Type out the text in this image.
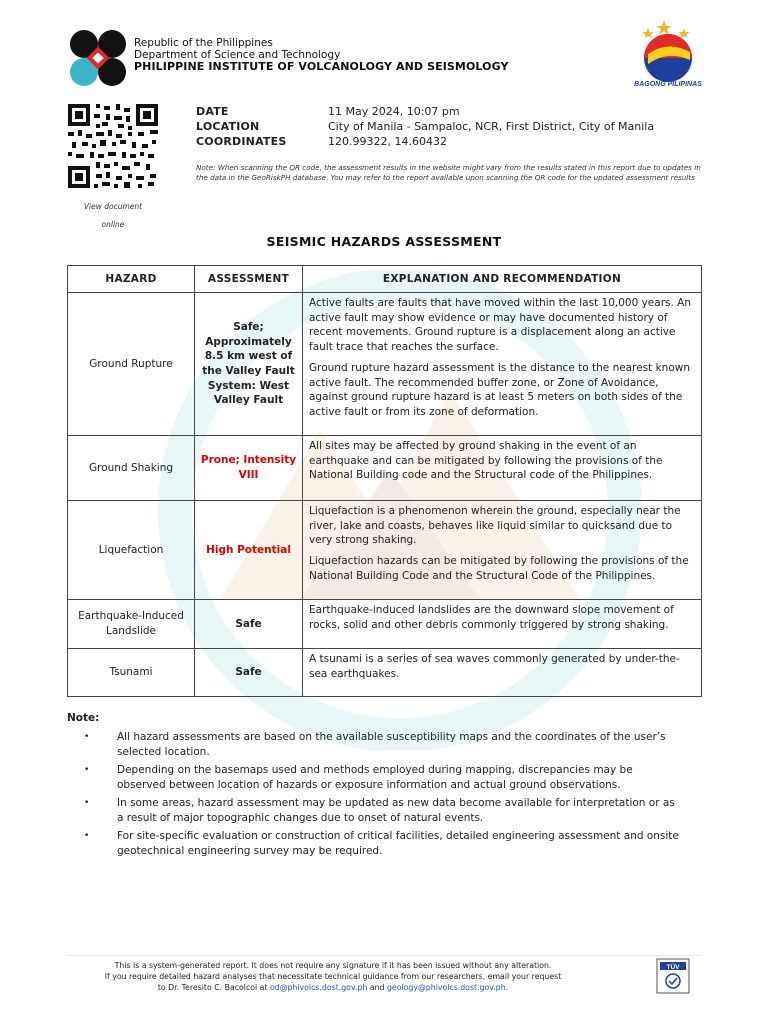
Republic of the Philippines
Department of Science and Technology
PHILIPPINE INSTITUTE OF VOLCANOLOGY AND SEISMOLOGY
BAGONG PILIPINAS
View document
online
DATE	11 May 2024, 10:07 pm
LOCATION	City of Manila - Sampaloc, NCR, First District, City of Manila
COORDINATES	120.99322, 14.60432
Note: When scanning the QR code, the assessment results in the website might vary from the results stated in this report due to updates in the data in the GeoRiskPH database. You may refer to the report available upon scanning the QR code for the updated assessment results
SEISMIC HAZARDS ASSESSMENT
HAZARD	ASSESSMENT	EXPLANATION AND RECOMMENDATION
Ground Rupture	Safe; Approximately 8.5 km west of the Valley Fault System: West Valley Fault	Active faults are faults that have moved within the last 10,000 years. An active fault may show evidence or may have documented history of recent movements. Ground rupture is a displacement along an active fault trace that reaches the surface.

Ground rupture hazard assessment is the distance to the nearest known active fault. The recommended buffer zone, or Zone of Avoidance, against ground rupture hazard is at least 5 meters on both sides of the active fault or from its zone of deformation.

Ground Shaking	Prone; Intensity VIII	All sites may be affected by ground shaking in the event of an earthquake and can be mitigated by following the provisions of the National Building code and the Structural code of the Philippines.

Liquefaction	High Potential	Liquefaction is a phenomenon wherein the ground, especially near the river, lake and coasts, behaves like liquid similar to quicksand due to very strong shaking.

Liquefaction hazards can be mitigated by following the provisions of the National Building Code and the Structural Code of the Philippines.

Earthquake-Induced Landslide	Safe	Earthquake-induced landslides are the downward slope movement of rocks, solid and other debris commonly triggered by strong shaking.

Tsunami	Safe	A tsunami is a series of sea waves commonly generated by under-the-sea earthquakes.

Note:
•	All hazard assessments are based on the available susceptibility maps and the coordinates of the user’s selected location.
•	Depending on the basemaps used and methods employed during mapping, discrepancies may be observed between location of hazards or exposure information and actual ground observations.
•	In some areas, hazard assessment may be updated as new data become available for interpretation or as a result of major topographic changes due to onset of natural events.
•	For site-specific evaluation or construction of critical facilities, detailed engineering assessment and onsite geotechnical engineering survey may be required.
This is a system-generated report. It does not require any signature if it has been issued without any alteration.
If you require detailed hazard analyses that necessitate technical guidance from our researchers, email your request
to Dr. Teresito C. Bacolcol at od@phivolcs.dost.gov.ph and geology@phivolcs.dost.gov.ph.
TÜV
